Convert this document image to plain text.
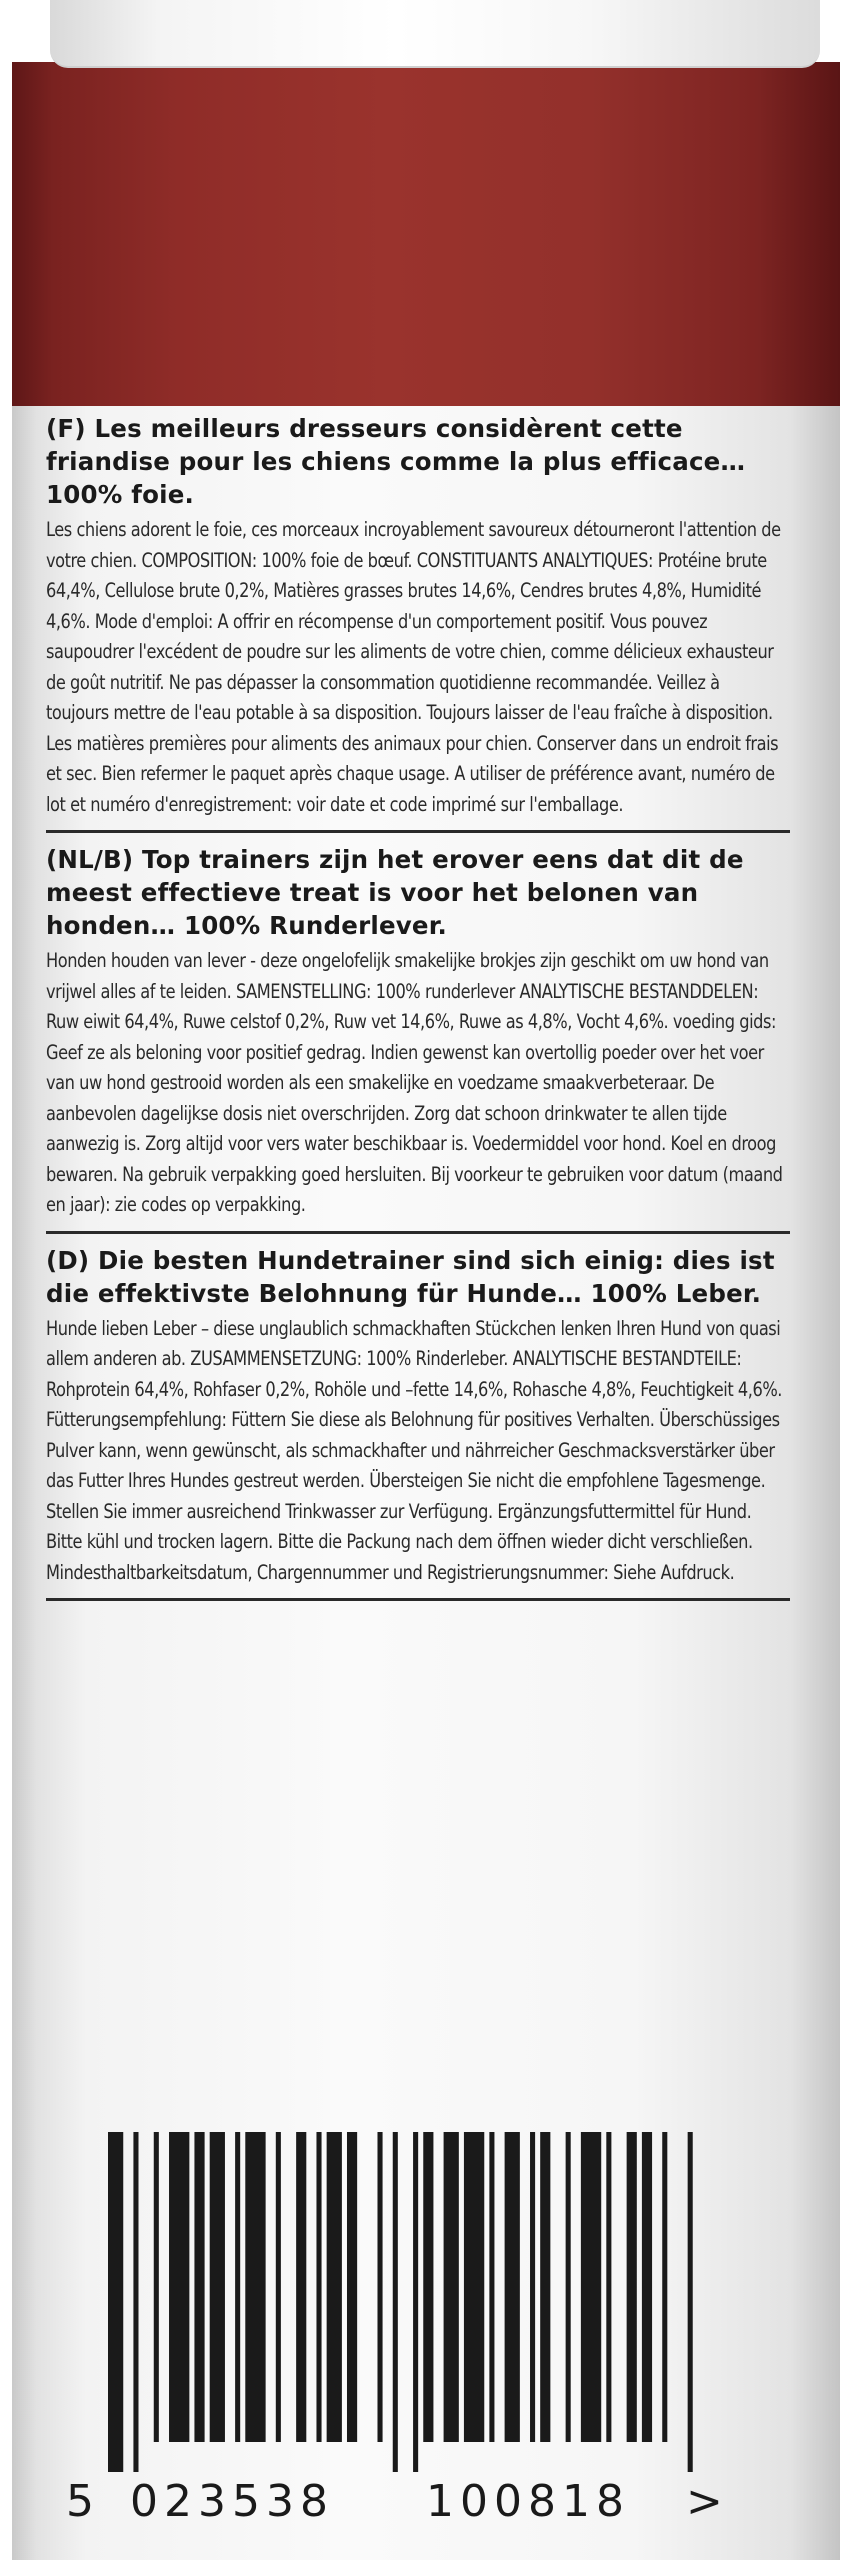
(F) Les meilleurs dresseurs considèrent cette friandise pour les chiens comme la plus efficace… 100% foie.

Les chiens adorent le foie, ces morceaux incroyablement savoureux détourneront l'attention de votre chien. COMPOSITION: 100% foie de bœuf. CONSTITUANTS ANALYTIQUES: Protéine brute 64,4%, Cellulose brute 0,2%, Matières grasses brutes 14,6%, Cendres brutes 4,8%, Humidité 4,6%. Mode d'emploi: A offrir en récompense d'un comportement positif. Vous pouvez saupoudrer l'excédent de poudre sur les aliments de votre chien, comme délicieux exhausteur de goût nutritif. Ne pas dépasser la consommation quotidienne recommandée. Veillez à toujours mettre de l'eau potable à sa disposition. Toujours laisser de l'eau fraîche à disposition. Les matières premières pour aliments des animaux pour chien. Conserver dans un endroit frais et sec. Bien refermer le paquet après chaque usage. A utiliser de préférence avant, numéro de lot et numéro d'enregistrement: voir date et code imprimé sur l'emballage.

(NL/B) Top trainers zijn het erover eens dat dit de meest effectieve treat is voor het belonen van honden… 100% Runderlever.

Honden houden van lever - deze ongelofelijk smakelijke brokjes zijn geschikt om uw hond van vrijwel alles af te leiden. SAMENSTELLING: 100% runderlever ANALYTISCHE BESTANDDELEN: Ruw eiwit 64,4%, Ruwe celstof 0,2%, Ruw vet 14,6%, Ruwe as 4,8%, Vocht 4,6%. voeding gids: Geef ze als beloning voor positief gedrag. Indien gewenst kan overtollig poeder over het voer van uw hond gestrooid worden als een smakelijke en voedzame smaakverbeteraar. De aanbevolen dagelijkse dosis niet overschrijden. Zorg dat schoon drinkwater te allen tijde aanwezig is. Zorg altijd voor vers water beschikbaar is. Voedermiddel voor hond. Koel en droog bewaren. Na gebruik verpakking goed hersluiten. Bij voorkeur te gebruiken voor datum (maand en jaar): zie codes op verpakking.

(D) Die besten Hundetrainer sind sich einig: dies ist die effektivste Belohnung für Hunde… 100% Leber.

Hunde lieben Leber – diese unglaublich schmackhaften Stückchen lenken Ihren Hund von quasi allem anderen ab. ZUSAMMENSETZUNG: 100% Rinderleber. ANALYTISCHE BESTANDTEILE: Rohprotein 64,4%, Rohfaser 0,2%, Rohöle und –fette 14,6%, Rohasche 4,8%, Feuchtigkeit 4,6%. Fütterungsempfehlung: Füttern Sie diese als Belohnung für positives Verhalten. Überschüssiges Pulver kann, wenn gewünscht, als schmackhafter und nährreicher Geschmacksverstärker über das Futter Ihres Hundes gestreut werden. Übersteigen Sie nicht die empfohlene Tagesmenge. Stellen Sie immer ausreichend Trinkwasser zur Verfügung. Ergänzungsfuttermittel für Hund. Bitte kühl und trocken lagern. Bitte die Packung nach dem öffnen wieder dicht verschließen. Mindesthaltbarkeitsdatum, Chargennummer und Registrierungsnummer: Siehe Aufdruck.

5 023538 100818 >
